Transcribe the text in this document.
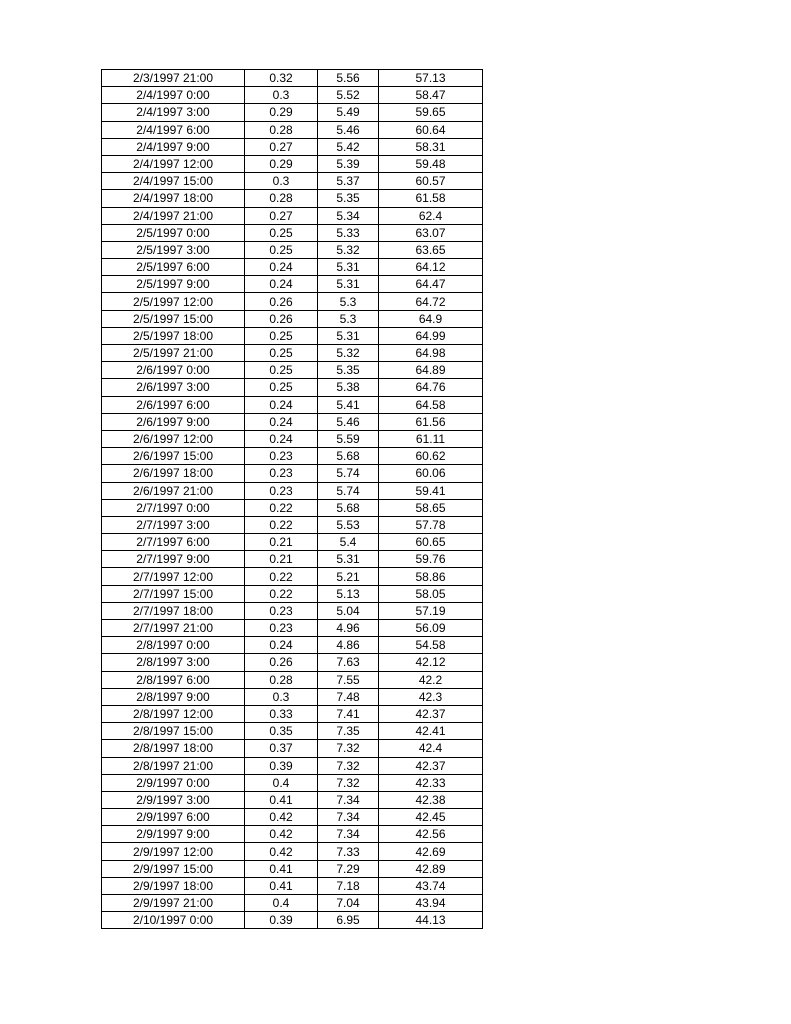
2/3/1997 21:00	0.32	5.56	57.13
2/4/1997 0:00	0.3	5.52	58.47
2/4/1997 3:00	0.29	5.49	59.65
2/4/1997 6:00	0.28	5.46	60.64
2/4/1997 9:00	0.27	5.42	58.31
2/4/1997 12:00	0.29	5.39	59.48
2/4/1997 15:00	0.3	5.37	60.57
2/4/1997 18:00	0.28	5.35	61.58
2/4/1997 21:00	0.27	5.34	62.4
2/5/1997 0:00	0.25	5.33	63.07
2/5/1997 3:00	0.25	5.32	63.65
2/5/1997 6:00	0.24	5.31	64.12
2/5/1997 9:00	0.24	5.31	64.47
2/5/1997 12:00	0.26	5.3	64.72
2/5/1997 15:00	0.26	5.3	64.9
2/5/1997 18:00	0.25	5.31	64.99
2/5/1997 21:00	0.25	5.32	64.98
2/6/1997 0:00	0.25	5.35	64.89
2/6/1997 3:00	0.25	5.38	64.76
2/6/1997 6:00	0.24	5.41	64.58
2/6/1997 9:00	0.24	5.46	61.56
2/6/1997 12:00	0.24	5.59	61.11
2/6/1997 15:00	0.23	5.68	60.62
2/6/1997 18:00	0.23	5.74	60.06
2/6/1997 21:00	0.23	5.74	59.41
2/7/1997 0:00	0.22	5.68	58.65
2/7/1997 3:00	0.22	5.53	57.78
2/7/1997 6:00	0.21	5.4	60.65
2/7/1997 9:00	0.21	5.31	59.76
2/7/1997 12:00	0.22	5.21	58.86
2/7/1997 15:00	0.22	5.13	58.05
2/7/1997 18:00	0.23	5.04	57.19
2/7/1997 21:00	0.23	4.96	56.09
2/8/1997 0:00	0.24	4.86	54.58
2/8/1997 3:00	0.26	7.63	42.12
2/8/1997 6:00	0.28	7.55	42.2
2/8/1997 9:00	0.3	7.48	42.3
2/8/1997 12:00	0.33	7.41	42.37
2/8/1997 15:00	0.35	7.35	42.41
2/8/1997 18:00	0.37	7.32	42.4
2/8/1997 21:00	0.39	7.32	42.37
2/9/1997 0:00	0.4	7.32	42.33
2/9/1997 3:00	0.41	7.34	42.38
2/9/1997 6:00	0.42	7.34	42.45
2/9/1997 9:00	0.42	7.34	42.56
2/9/1997 12:00	0.42	7.33	42.69
2/9/1997 15:00	0.41	7.29	42.89
2/9/1997 18:00	0.41	7.18	43.74
2/9/1997 21:00	0.4	7.04	43.94
2/10/1997 0:00	0.39	6.95	44.13
